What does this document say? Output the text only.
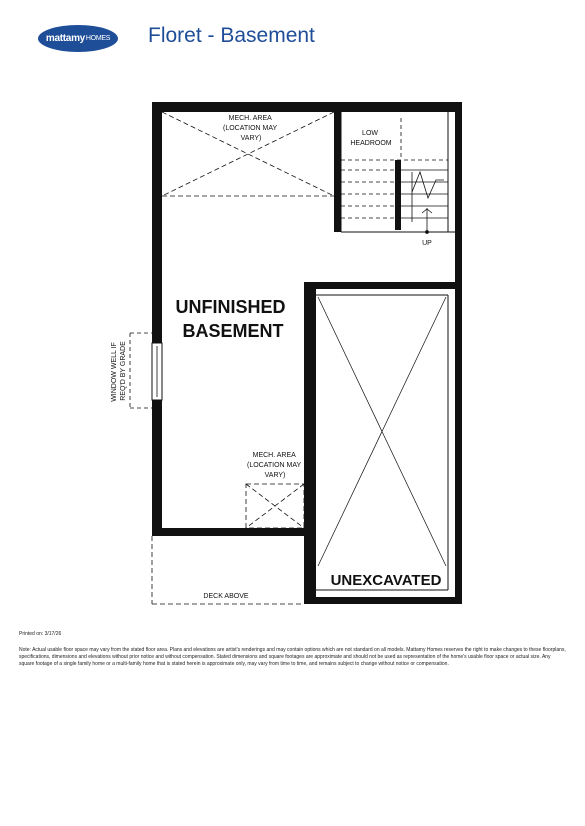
mattamy HOMES Floret - Basement
MECH. AREA (LOCATION MAY VARY)
LOW HEADROOM
UP
UNFINISHED BASEMENT
WINDOW WELL IF REQ'D BY GRADE
MECH. AREA (LOCATION MAY VARY)
DECK ABOVE
UNEXCAVATED
Printed on: 3/17/26
Note: Actual usable floor space may vary from the stated floor area. Plans and elevations are artist's renderings and may contain options which are not standard on all models. Mattamy Homes reserves the right to make changes to these floorplans, specifications, dimensions and elevations without prior notice and without compensation. Stated dimensions and square footages are approximate and should not be used as representation of the home's usable floor space or actual size. Any square footage of a single family home or a multi-family home that is stated herein is approximate only, may vary from time to time, and remains subject to change without notice or compensation.
